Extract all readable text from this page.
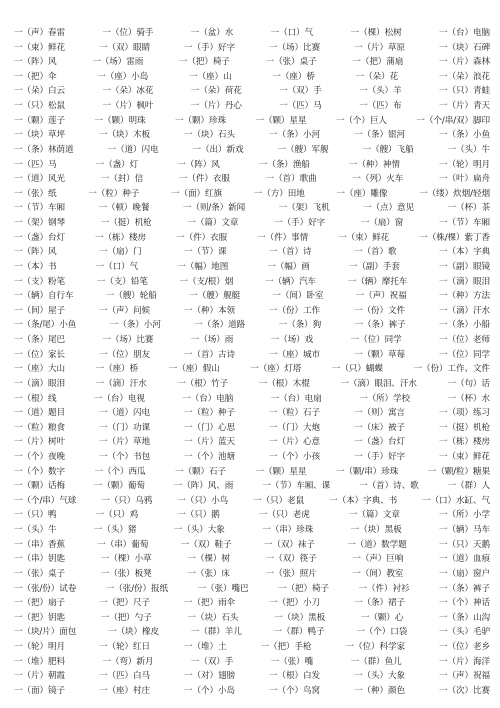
一（声）春雷	一（位）骑手	一（盆）水	一（口）气	一（棵）松树	一（台）电脑
一（束）鲜花	一（双）眼睛	一（手）好字	一（场）比赛	一（片）草原	一（块）石碑
一（阵）风	一（场）雷雨	一（把）椅子	一（张）桌子	一（把）蒲扇	一（片）森林
一（把）伞	一（座）小岛	一（座）山	一（座）桥	一（朵）花	一（朵）浪花
一（朵）白云	一（朵）冰花	一（朵）荷花	一（双）手	一（头）羊	一（只）青蛙
一（只）松鼠	一（片）枫叶	一（片）丹心	一（匹）马	一（匹）布	一（片）青天
一（颗）莲子	一（颗）明珠	一（颗）珍珠	一（颗）星星	一（个）巨人	一（个/串/双）脚印
一（块）草坪	一（块）木板	一（块）石头	一（条）小河	一（条）银河	一（条）小鱼
一（条）林荫道	一（道）闪电	一（出）新戏	一（艘）军舰	一（艘）飞船	一（头）牛
一（匹）马	一（盏）灯	一（阵）风	一（条）渔船	一（种）神情	一（轮）明月
一（道）风光	一（封）信	一（件）衣服	一（首）歌曲	一（列）火车	一（叶）扁舟
一（张）纸	一（粒）种子	一（面）红旗	一（方）田地	一（座）雕像	一（缕）炊烟/轻烟
一（节）车厢	一（顿）晚餐	一（则/条）新闻	一（架）飞机	一（点）意见	一（杯）茶
一（架）钢琴	一（挺）机枪	一（篇）文章	一（手）好字	一（扇）窗	一（节）车厢
一（盏）台灯	一（栋）楼房	一（件）衣服	一（件）事情	一（束）鲜花	一（株/棵）紫丁香
一（阵）风	一（扇）门	一（节）课	一（首）诗	一（首）歌	一（本）字典
一（本）书	一（口）气	一（幅）地图	一（幅）画	一（副）手套	一（副）眼镜
一（支）粉笔	一（支）铅笔	一（支/根）烟	一（辆）汽车	一（辆）摩托车	一（滴）眼泪
一（辆）自行车	一（艘）轮船	一（艘）舰艇	一（间）卧室	一（声）祝福	一（种）方法
一（间）屋子	一（声）问候	一（种）本领	一（份）工作	一（份）文件	一（滴）汗水
一（条/尾）小鱼	一（条）小河	一（条）道路	一（条）狗	一（条）裤子	一（条）小船
一（条）尾巴	一（场）比赛	一（场）雨	一（场）戏	一（位）同学	一（位）老师
一（位）家长	一（位）朋友	一（首）古诗	一（座）城市	一（颗）草莓	一（位）同学
一（座）大山	一（座）桥	一（座）假山	一（座）灯塔	一（只）蝴蝶	一（份）工作、文件
一（滴）眼泪	一（滴）汗水	一（根）竹子	一（根）木棍	一（滴）眼泪、汗水	一（句）话
一（根）线	一（台）电视	一（台）电脑	一（台）电扇	一（所）学校	一（杯）水
一（道）题目	一（道）闪电	一（粒）种子	一（粒）石子	一（则）寓言	一（项）练习
一（粒）粮食	一（门）功课	一（门）心思	一（门）大炮	一（床）被子	一（挺）机枪
一（片）树叶	一（片）草地	一（片）蓝天	一（片）心意	一（盏）台灯	一（栋）楼房
一（个）夜晚	一（个）书包	一（个）池塘	一（个）小孩	一（手）好字	一（束）鲜花
一（个）数字	一（个）西瓜	一（颗）石子	一（颗）星星	一（颗/串）珍珠	一（颗/粒）糖果
一（颗）话梅	一（颗）葡萄	一（阵）风、雨	一（节）车厢、课	一（首）诗、歌	一（群）人
一（个/串）气球	一（只）乌鸦	一（只）小鸟	一（只）老鼠	一（本）字典、书	一（口）水缸、气
一（只）鸭	一（只）鸡	一（只）鹅	一（只）老虎	一（篇）文章	一（所）小学
一（头）牛	一（头）猪	一（头）大象	一（串）珍珠	一（块）黑板	一（辆）马车
一（串）香蕉	一（串）葡萄	一（双）鞋子	一（双）袜子	一（道）数学题	一（只）天鹅
一（串）钥匙	一（棵）小草	一（棵）树	一（双）筷子	一（声）巨响	一（道）血痕
一（张）桌子	一（张）板凳	一（张）床	一（张）照片	一（间）教室	一（扇）窗户
一（张/份）试卷	一（张/份）报纸	一（张）嘴巴	一（把）椅子	一（件）衬衫	一（条）裤子
一（把）扇子	一（把）尺子	一（把）雨伞	一（把）小刀	一（条）裙子	一（个）神话
一（把）钥匙	一（把）勺子	一（块）石头	一（块）黑板	一（颗）心	一（条）山沟
一（块/片）面包	一（块）橡皮	一（群）羊儿	一（群）鸭子	一（个）口袋	一（头）毛驴
一（轮）明月	一（轮）红日	一（堆）土	一（把）手枪	一（位）科学家	一（位）老乡
一（堆）肥料	一（弯）新月	一（双）手	一（张）嘴	一（群）鱼儿	一（片）海洋
一（片）朝霞	一（匹）白马	一（对）翅膀	一（根）白发	一（头）大象	一（声）祝福
一（面）镜子	一（座）村庄	一（个）小岛	一（个）鸟窝	一（种）颜色	一（次）比赛
